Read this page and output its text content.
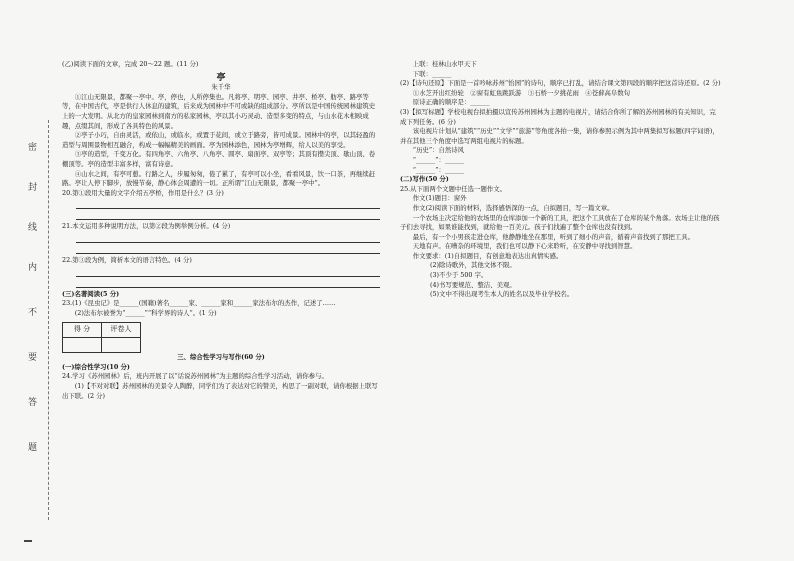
密
封
线
内
不
要
答
题

(乙)阅读下面的文章，完成 20～22 题。(11 分)

亭
朱千华

①江山无限景，都聚一亭中。亭，停也，人所停集也。凡将亭、明亭、园亭、井亭、桥亭、舫亭、路亭等等，在中国古代，亭是供行人休息的建筑，后来成为园林中不可或缺的组成部分。亭所以是中国传统园林建筑史上的一大发明。从北方的皇家园林到南方的私家园林，亭以其小巧灵动、造型多变的特点，与山水花木相映成趣，点缀其间，形成了各具特色的风景。

②亭子小巧，自由灵活，或依山，或临水，或置于花间，或立于路旁，皆可成景。园林中的亭，以其轻盈的造型与周围景物相互融合，构成一幅幅精美的画面。亭为园林添色，园林为亭增辉，给人以美的享受。

③亭的造型，千变万化。有四角亭、六角亭、八角亭、圆亭、扇面亭、双亭等；其顶有攒尖顶、歇山顶、卷棚顶等。亭的造型丰富多样，富有诗意。

④山水之间，有亭可憩。行路之人，步履匆匆，倦了累了，有亭可以小坐，看看风景，饮一口茶，再继续赶路。亭让人停下脚步，放慢节奏，静心体会周遭的一切。正所谓“江山无限景，都聚一亭中”。

20.第①段用大量的文字介绍五亭桥，作用是什么？(3 分)

21.本文运用多种说明方法，以第②段为例举例分析。(4 分)

22.第③段为例，简析本文的语言特色。(4 分)

(三)名著阅读(5 分)

23.(1)《昆虫记》是______(国籍)著名______家、______家和______家法布尔的杰作，记述了……

(2)法布尔被誉为“______”“科学界的诗人”。(1 分)

得 分	评卷人

三、综合性学习与写作(60 分)

(一)综合性学习(10 分)

24.学习《苏州园林》后，班内开展了以“话说苏州园林”为主题的综合性学习活动，请你参与。

(1)【不对对联】苏州园林的美景令人陶醉，同学们为了表达对它的赞美，构思了一副对联，请你根据上联写出下联。(2 分)

上联：桂林山水甲天下

下联：______

(2)【诗句还原】下面是一首吟咏苏州“怡园”的诗句，顺序已打乱，请结合课文第四段的顺序把这首诗还原。(2 分)

①水芝开出红纷轮　②窗有虹鱼跳跃游　③石桥一夕挑花雨　④苍藓高阜数旬

原诗正确的顺序是：______

(3)【拟写标题】学校电视台拟拍摄以宣传苏州园林为主题的电视片，请结合你所了解的苏州园林的有关知识，完成下列任务。(6 分)

该电视片计划从“建筑”“历史”“文学”“旅游”等角度各拍一集，请你参照示例为其中两集拟写标题(四字词语)，并在其他三个角度中选写两组电视片的标题。

“历史”：自然诗风

“______”：______

“______”：______

(二)写作(50 分)

25.从下面两个文题中任选一题作文。

作文(1)题目：窗外

作文(2)阅读下面的材料，选择感悟深的一点，自拟题目，写一篇文章。

一个农场主决定给他的农场里的仓库添加一个新的工具，把这个工具放在了仓库的某个角落。农场主让他的孩子们去寻找，如果谁能找到，就给他一百美元。孩子们找遍了整个仓库也没有找到。

最后，有一个小男孩走进仓库，他静静地坐在那里，听到了细小的声音，循着声音找到了那把工具。

天地有声。在嘈杂的环境里，我们也可以静下心来聆听，在安静中寻找到智慧。

作文要求：(1)自拟题目，有创意地表达出真情实感。

(2)除诗歌外，其他文体不限。

(3)不少于 500 字。

(4)书写要规范、整洁、美观。

(5)文中不得出现考生本人的姓名以及毕业学校名。
